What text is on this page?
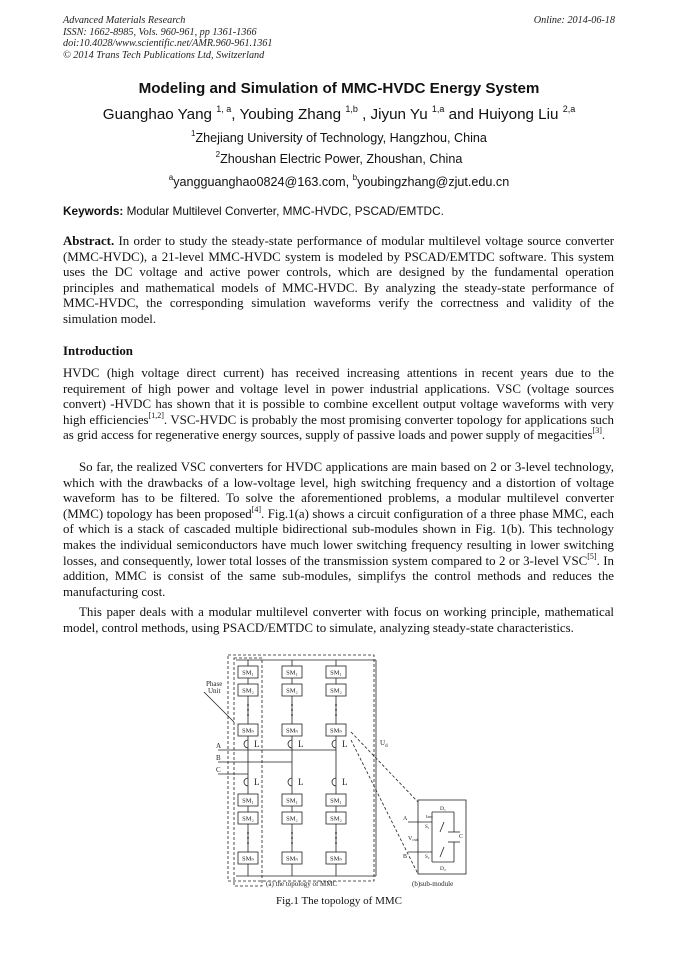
Advanced Materials Research
ISSN: 1662-8985, Vols. 960-961, pp 1361-1366
doi:10.4028/www.scientific.net/AMR.960-961.1361
© 2014 Trans Tech Publications Ltd, Switzerland
Online: 2014-06-18
Modeling and Simulation of MMC-HVDC Energy System
Guanghao Yang $^{1, a}$, Youbing Zhang $^{1,b}$ , Jiyun Yu $^{1,a}$ and Huiyong Liu $^{2,a}$
$^1$Zhejiang University of Technology, Hangzhou, China
$^2$Zhoushan Electric Power, Zhoushan, China
$^a$yangguanghao0824@163.com, $^b$youbingzhang@zjut.edu.cn
Keywords: Modular Multilevel Converter, MMC-HVDC, PSCAD/EMTDC.

Abstract. In order to study the steady-state performance of modular multilevel voltage source converter (MMC-HVDC), a 21-level MMC-HVDC system is modeled by PSCAD/EMTDC software. This system uses the DC voltage and active power controls, which are designed by the fundamental operation principles and mathematical models of MMC-HVDC. By analyzing the steady-state performance of MMC-HVDC, the corresponding simulation waveforms verify the correctness and validity of the simulation model.

Introduction

HVDC (high voltage direct current) has received increasing attentions in recent years due to the requirement of high power and voltage level in power industrial applications. VSC (voltage sources convert) -HVDC has shown that it is possible to combine excellent output voltage waveforms with very high efficiencies[1,2]. VSC-HVDC is probably the most promising converter topology for applications such as grid access for regenerative energy sources, supply of passive loads and power supply of megacities[3].

So far, the realized VSC converters for HVDC applications are main based on 2 or 3-level technology, which with the drawbacks of a low-voltage level, high switching frequency and a distortion of voltage waveform has to be filtered. To solve the aforementioned problems, a modular multilevel converter (MMC) topology has been proposed[4]. Fig.1(a) shows a circuit configuration of a three phase MMC, each of which is a stack of cascaded multiple bidirectional sub-modules shown in Fig. 1(b). This technology makes the individual semiconductors have much lower switching frequency resulting in lower switching losses, and consequently, lower total losses of the transmission system compared to 2 or 3-level VSC[5]. In addition, MMC is consist of the same sub-modules, simplifys the control methods and reduces the manufacturing cost.

This paper deals with a modular multilevel converter with focus on working principle, mathematical model, control methods, using PSACD/EMTDC to simulate, analyzing steady-state characteristics.

SM₁	SM₁	SM₁
SM₂	SM₂	SM₂
SMₙ	SMₙ	SMₙ
SM₁	SM₁	SM₁
SM₂	SM₂	SM₂
SMₙ	SMₙ	SMₙ
L	L	L
L	L	L
Phase
Unit
A
B
C
$U_d$
A
B
D₁
D₂
S₁
S₂
C
Ism
Vout
(a) the topology of MMC	(b)sub-module
Fig.1 The topology of MMC
